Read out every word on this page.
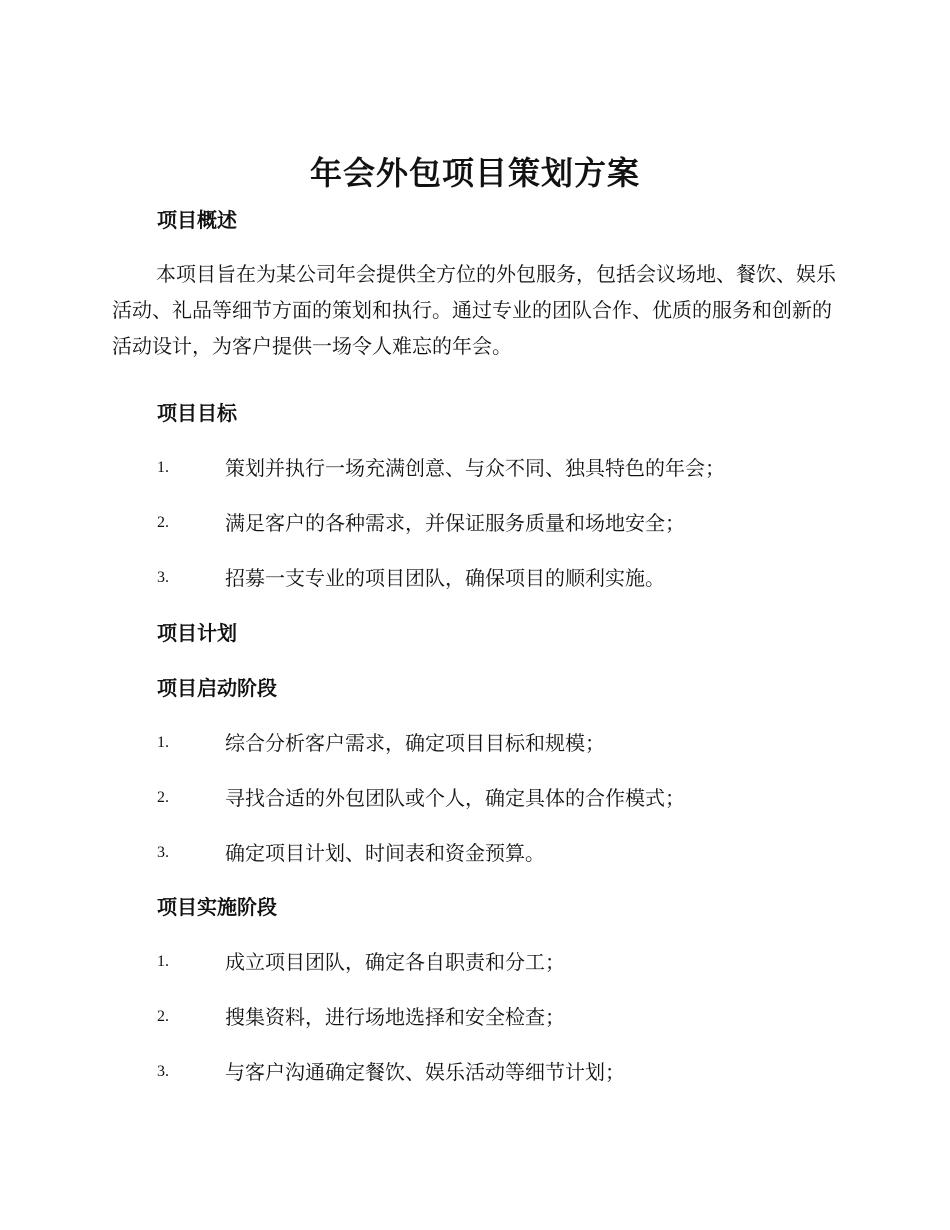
年会外包项目策划方案
项目概述

本项目旨在为某公司年会提供全方位的外包服务，包括会议场地、餐饮、娱乐活动、礼品等细节方面的策划和执行。通过专业的团队合作、优质的服务和创新的活动设计，为客户提供一场令人难忘的年会。

项目目标
1.	策划并执行一场充满创意、与众不同、独具特色的年会；
2.	满足客户的各种需求，并保证服务质量和场地安全；
3.	招募一支专业的项目团队，确保项目的顺利实施。
项目计划
项目启动阶段
1.	综合分析客户需求，确定项目目标和规模；
2.	寻找合适的外包团队或个人，确定具体的合作模式；
3.	确定项目计划、时间表和资金预算。
项目实施阶段
1.	成立项目团队，确定各自职责和分工；
2.	搜集资料，进行场地选择和安全检查；
3.	与客户沟通确定餐饮、娱乐活动等细节计划；
